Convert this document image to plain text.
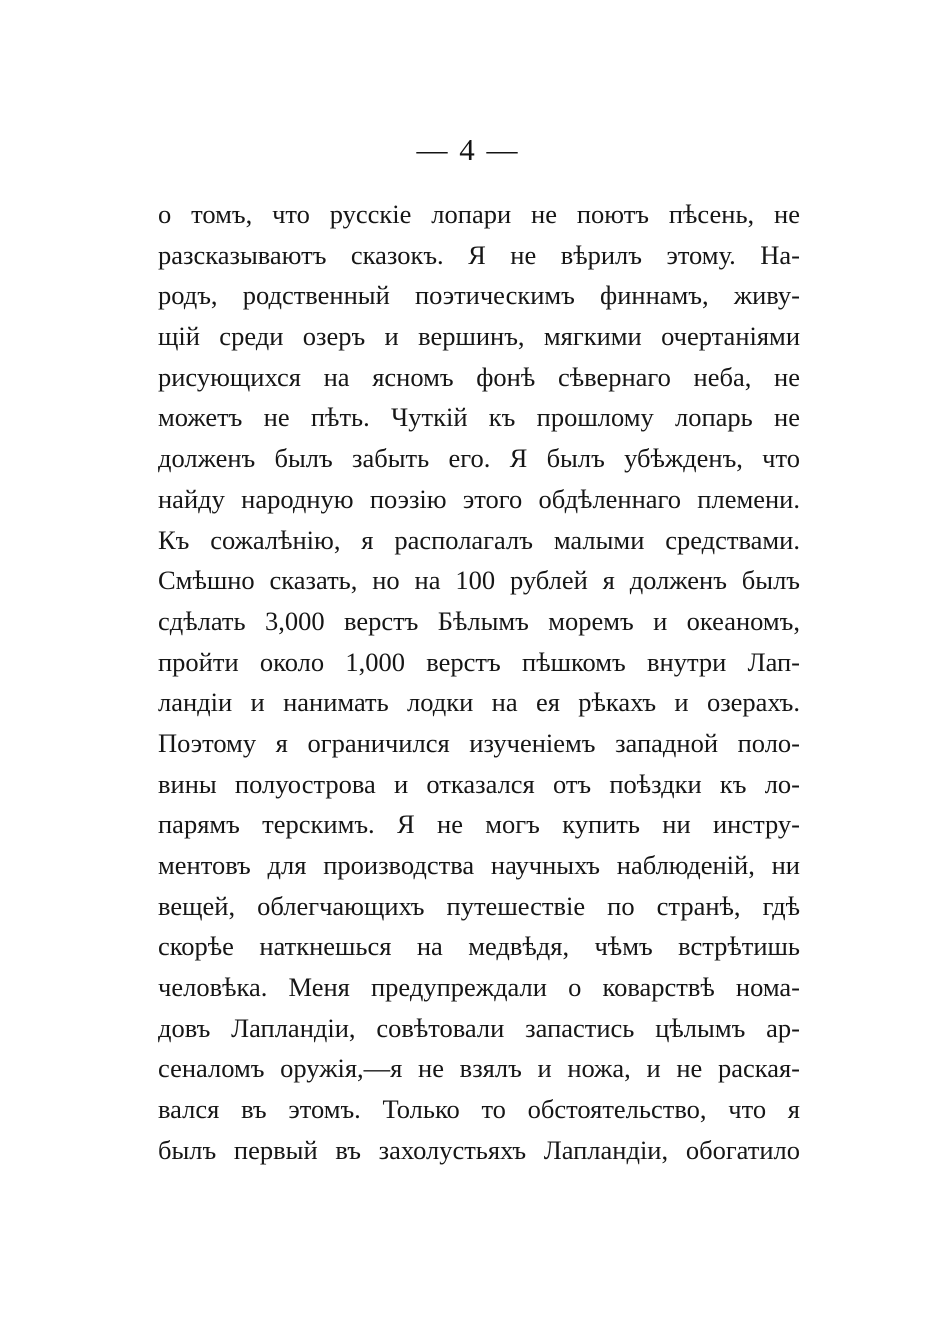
— 4 —
о томъ, что русскіе лопари не поютъ пѣсень, не
разсказываютъ сказокъ. Я не вѣрилъ этому. На-
родъ, родственный поэтическимъ финнамъ, живу-
щій среди озеръ и вершинъ, мягкими очертаніями
рисующихся на ясномъ фонѣ сѣвернаго неба, не
можетъ не пѣть. Чуткій къ прошлому лопарь не
долженъ былъ забыть его. Я былъ убѣжденъ, что
найду народную поэзію этого обдѣленнаго племени.
Къ сожалѣнію, я располагалъ малыми средствами.
Смѣшно сказать, но на 100 рублей я долженъ былъ
сдѣлать 3,000 верстъ Бѣлымъ моремъ и океаномъ,
пройти около 1,000 верстъ пѣшкомъ внутри Лап-
ландіи и нанимать лодки на ея рѣкахъ и озерахъ.
Поэтому я ограничился изученіемъ западной поло-
вины полуострова и отказался отъ поѣздки къ ло-
парямъ терскимъ. Я не могъ купить ни инстру-
ментовъ для производства научныхъ наблюденій, ни
вещей, облегчающихъ путешествіе по странѣ, гдѣ
скорѣе наткнешься на медвѣдя, чѣмъ встрѣтишь
человѣка. Меня предупреждали о коварствѣ нома-
довъ Лапландіи, совѣтовали запастись цѣлымъ ар-
сеналомъ оружія,—я не взялъ и ножа, и не раская-
вался въ этомъ. Только то обстоятельство, что я
былъ первый въ захолустьяхъ Лапландіи, обогатило
